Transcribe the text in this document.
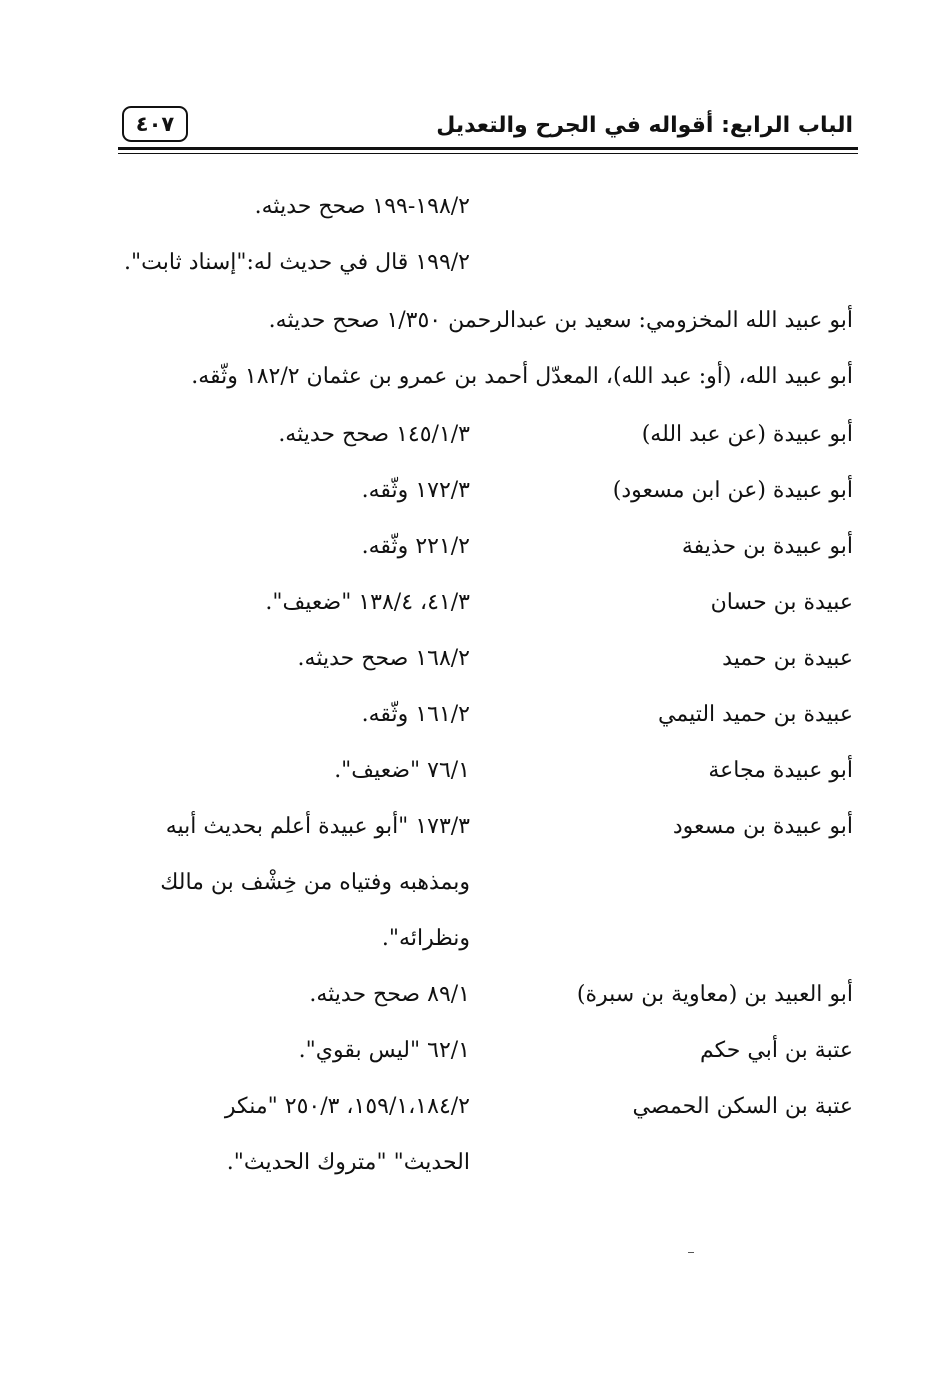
الباب الرابع: أقواله في الجرح والتعديل
٤٠٧
١٩٨/٢-١٩٩ صحح حديثه.
١٩٩/٢ قال في حديث له:"إسناد ثابت".
أبو عبيد الله المخزومي: سعيد بن عبدالرحمن ١/٣٥٠ صحح حديثه.
أبو عبيد الله، (أو: عبد الله)، المعدّل أحمد بن عمرو بن عثمان ١٨٢/٢ وثّقه.
أبو عبيدة (عن عبد الله)
١٤٥/١/٣ صحح حديثه.
أبو عبيدة (عن ابن مسعود)
١٧٢/٣ وثّقه.
أبو عبيدة بن حذيفة
٢٢١/٢ وثّقه.
عبيدة بن حسان
٤١/٣، ١٣٨/٤ "ضعيف".
عبيدة بن حميد
١٦٨/٢ صحح حديثه.
عبيدة بن حميد التيمي
١٦١/٢ وثّقه.
أبو عبيدة مجاعة
٧٦/١ "ضعيف".
أبو عبيدة بن مسعود
١٧٣/٣ "أبو عبيدة أعلم بحديث أبيه
وبمذهبه وفتياه من خِشْف بن مالك
ونظرائه".
أبو العبيد بن (معاوية بن سبرة)
٨٩/١ صحح حديثه.
عتبة بن أبي حكم
٦٢/١ "ليس بقوي".
عتبة بن السكن الحمصي
١٥٩/١،١٨٤/٢، ٢٥٠/٣ "منكر
الحديث" "متروك الحديث".
